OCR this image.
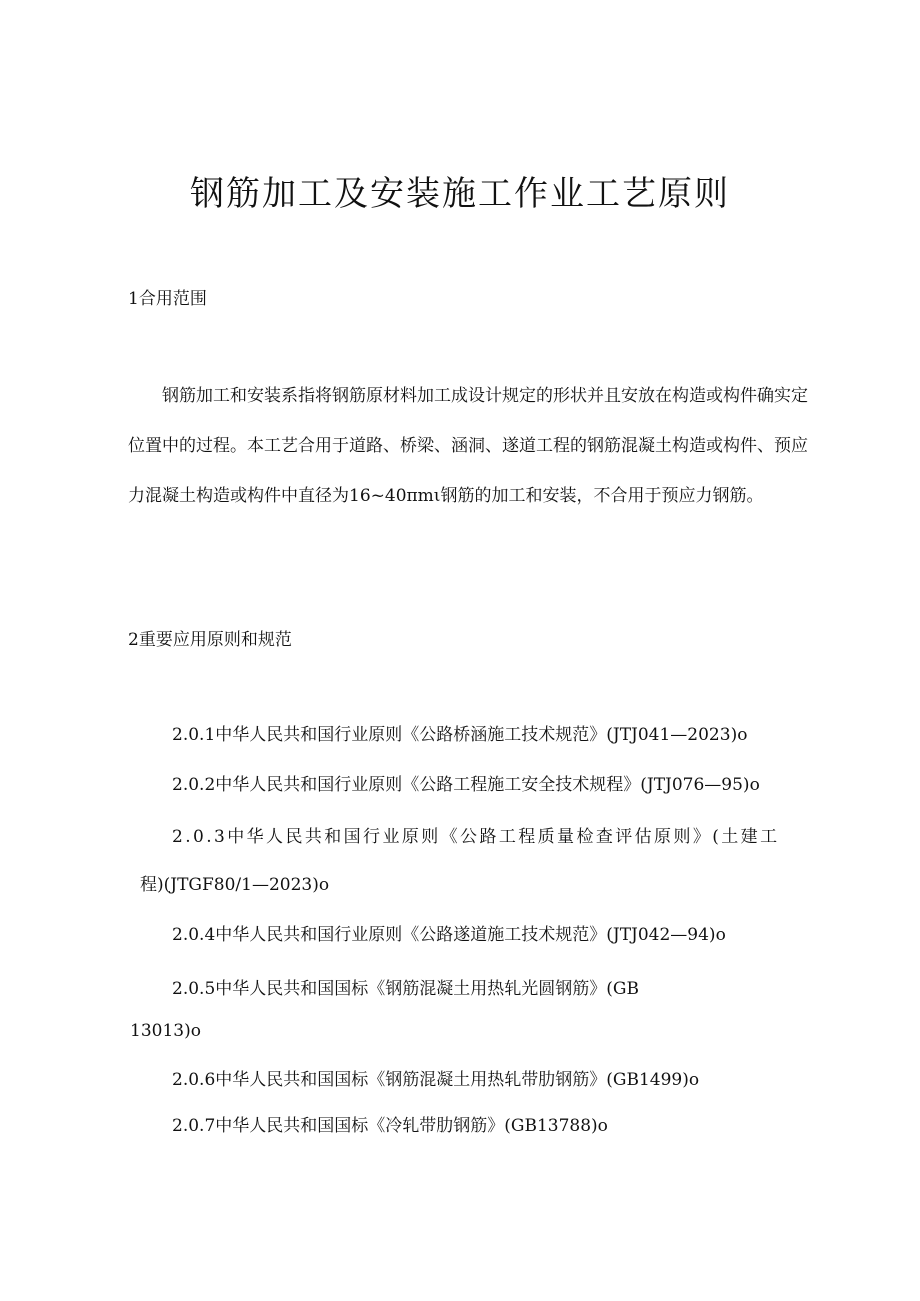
钢筋加工及安装施工作业工艺原则
1合用范围

钢筋加工和安装系指将钢筋原材料加工成设计规定的形状并且安放在构造或构件确实定位置中的过程。本工艺合用于道路、桥梁、涵洞、遂道工程的钢筋混凝土构造或构件、预应力混凝土构造或构件中直径为16~40πmι钢筋的加工和安装，不合用于预应力钢筋。

2重要应用原则和规范

2.0.1中华人民共和国行业原则《公路桥涵施工技术规范》(JTJ041—2023)o

2.0.2中华人民共和国行业原则《公路工程施工安全技术规程》(JTJ076—95)o

2.0.3中华人民共和国行业原则《公路工程质量检查评估原则》(土建工

程)(JTGF80/1—2023)o

2.0.4中华人民共和国行业原则《公路遂道施工技术规范》(JTJ042—94)o

2.0.5中华人民共和国国标《钢筋混凝土用热轧光圆钢筋》(GB

13013)o

2.0.6中华人民共和国国标《钢筋混凝土用热轧带肋钢筋》(GB1499)o

2.0.7中华人民共和国国标《冷轧带肋钢筋》(GB13788)o
